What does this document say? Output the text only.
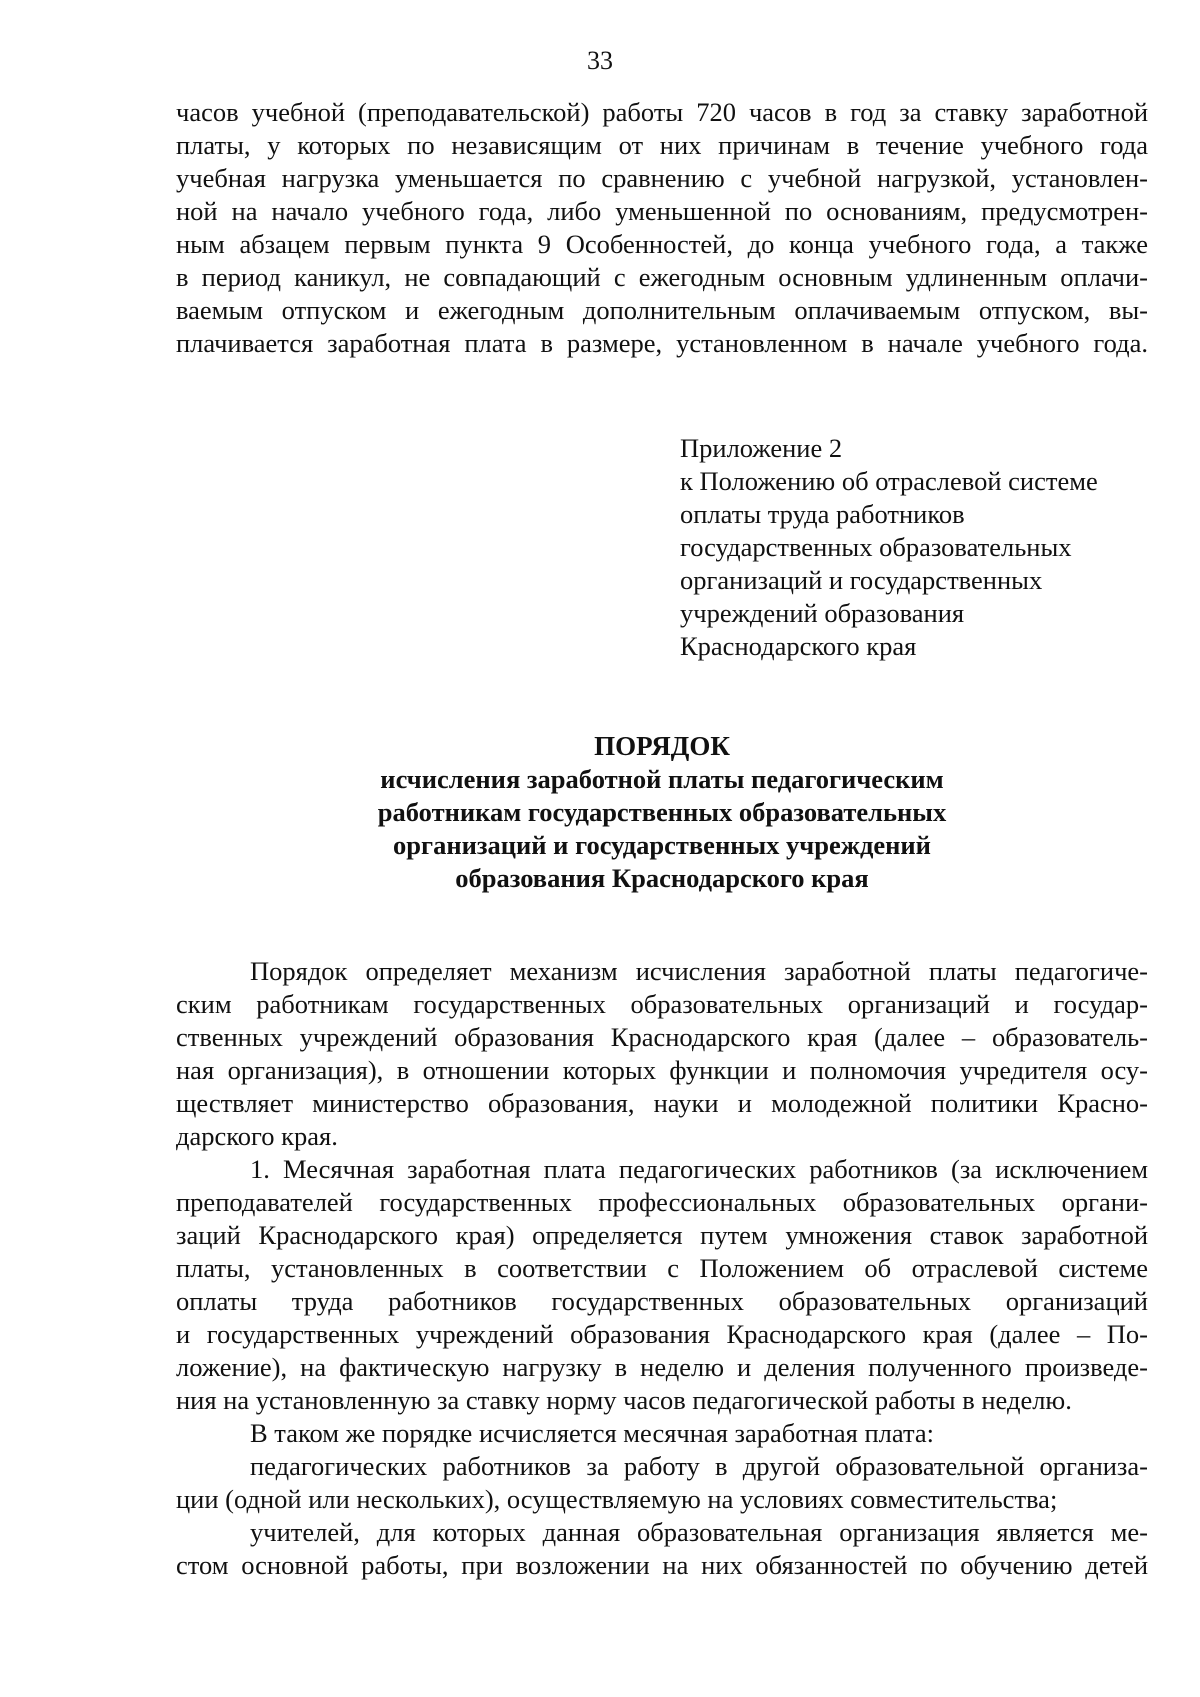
33
часов учебной (преподавательской) работы 720 часов в год за ставку заработной
платы, у которых по независящим от них причинам в течение учебного года
учебная нагрузка уменьшается по сравнению с учебной нагрузкой, установлен-
ной на начало учебного года, либо уменьшенной по основаниям, предусмотрен-
ным абзацем первым пункта 9 Особенностей, до конца учебного года, а также
в период каникул, не совпадающий с ежегодным основным удлиненным оплачи-
ваемым отпуском и ежегодным дополнительным оплачиваемым отпуском, вы-
плачивается заработная плата в размере, установленном в начале учебного года.
Приложение 2
к Положению об отраслевой системе
оплаты труда работников
государственных образовательных
организаций и государственных
учреждений образования
Краснодарского края
ПОРЯДОК
исчисления заработной платы педагогическим
работникам государственных образовательных
организаций и государственных учреждений
образования Краснодарского края
Порядок определяет механизм исчисления заработной платы педагогиче-
ским работникам государственных образовательных организаций и государ-
ственных учреждений образования Краснодарского края (далее – образователь-
ная организация), в отношении которых функции и полномочия учредителя осу-
ществляет министерство образования, науки и молодежной политики Красно-
дарского края.
1. Месячная заработная плата педагогических работников (за исключением
преподавателей государственных профессиональных образовательных органи-
заций Краснодарского края) определяется путем умножения ставок заработной
платы, установленных в соответствии с Положением об отраслевой системе
оплаты труда работников государственных образовательных организаций
и государственных учреждений образования Краснодарского края (далее – По-
ложение), на фактическую нагрузку в неделю и деления полученного произведе-
ния на установленную за ставку норму часов педагогической работы в неделю.
В таком же порядке исчисляется месячная заработная плата:
педагогических работников за работу в другой образовательной организа-
ции (одной или нескольких), осуществляемую на условиях совместительства;
учителей, для которых данная образовательная организация является ме-
стом основной работы, при возложении на них обязанностей по обучению детей
